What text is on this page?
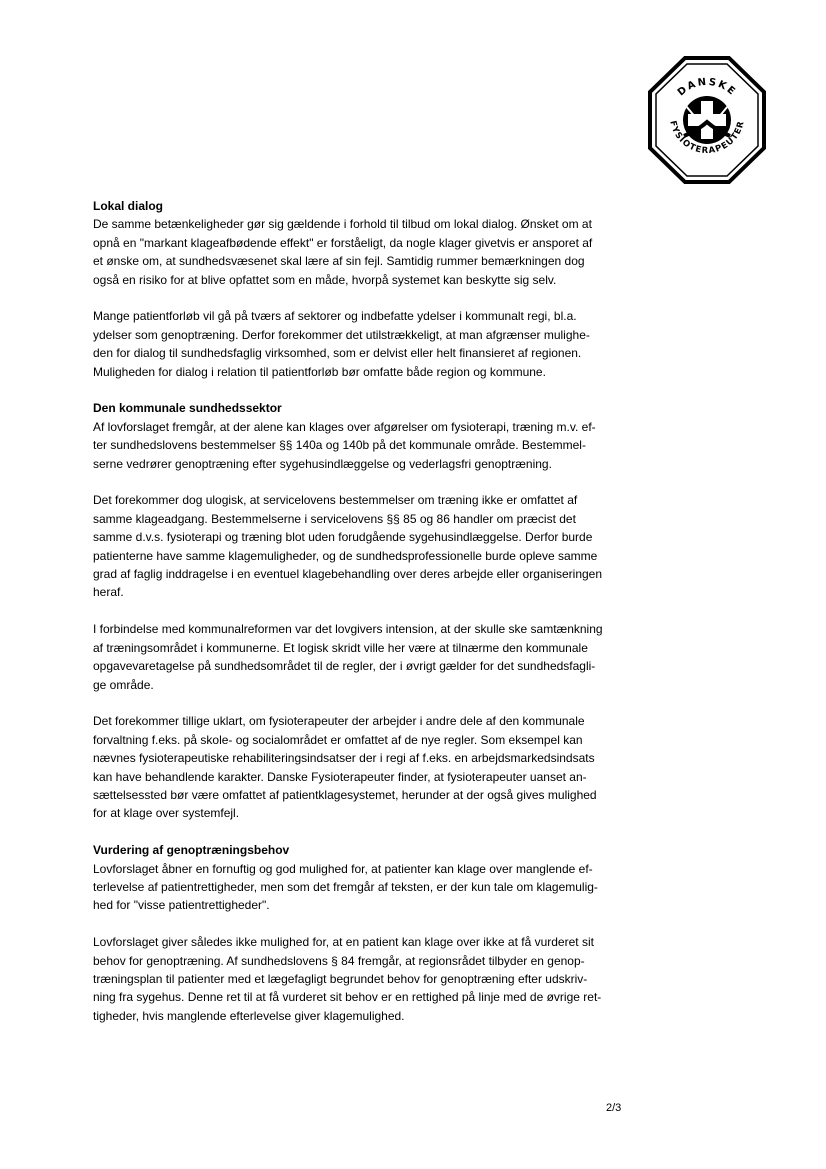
DANSKE
FYSIOTERAPEUTER
Lokal dialog

De samme betænkeligheder gør sig gældende i forhold til tilbud om lokal dialog. Ønsket om at
opnå en "markant klageafbødende effekt" er forståeligt, da nogle klager givetvis er ansporet af
et ønske om, at sundhedsvæsenet skal lære af sin fejl. Samtidig rummer bemærkningen dog
også en risiko for at blive opfattet som en måde, hvorpå systemet kan beskytte sig selv.

Mange patientforløb vil gå på tværs af sektorer og indbefatte ydelser i kommunalt regi, bl.a.
ydelser som genoptræning. Derfor forekommer det utilstrækkeligt, at man afgrænser mulighe-
den for dialog til sundhedsfaglig virksomhed, som er delvist eller helt finansieret af regionen.
Muligheden for dialog i relation til patientforløb bør omfatte både region og kommune.

Den kommunale sundhedssektor

Af lovforslaget fremgår, at der alene kan klages over afgørelser om fysioterapi, træning m.v. ef-
ter sundhedslovens bestemmelser §§ 140a og 140b på det kommunale område. Bestemmel-
serne vedrører genoptræning efter sygehusindlæggelse og vederlagsfri genoptræning.

Det forekommer dog ulogisk, at servicelovens bestemmelser om træning ikke er omfattet af
samme klageadgang. Bestemmelserne i servicelovens §§ 85 og 86 handler om præcist det
samme d.v.s. fysioterapi og træning blot uden forudgående sygehusindlæggelse. Derfor burde
patienterne have samme klagemuligheder, og de sundhedsprofessionelle burde opleve samme
grad af faglig inddragelse i en eventuel klagebehandling over deres arbejde eller organiseringen
heraf.

I forbindelse med kommunalreformen var det lovgivers intension, at der skulle ske samtænkning
af træningsområdet i kommunerne. Et logisk skridt ville her være at tilnærme den kommunale
opgavevaretagelse på sundhedsområdet til de regler, der i øvrigt gælder for det sundhedsfagli-
ge område.

Det forekommer tillige uklart, om fysioterapeuter der arbejder i andre dele af den kommunale
forvaltning f.eks. på skole- og socialområdet er omfattet af de nye regler. Som eksempel kan
nævnes fysioterapeutiske rehabiliteringsindsatser der i regi af f.eks. en arbejdsmarkedsindsats
kan have behandlende karakter. Danske Fysioterapeuter finder, at fysioterapeuter uanset an-
sættelsessted bør være omfattet af patientklagesystemet, herunder at der også gives mulighed
for at klage over systemfejl.

Vurdering af genoptræningsbehov

Lovforslaget åbner en fornuftig og god mulighed for, at patienter kan klage over manglende ef-
terlevelse af patientrettigheder, men som det fremgår af teksten, er der kun tale om klagemulig-
hed for "visse patientrettigheder".

Lovforslaget giver således ikke mulighed for, at en patient kan klage over ikke at få vurderet sit
behov for genoptræning. Af sundhedslovens § 84 fremgår, at regionsrådet tilbyder en genop-
træningsplan til patienter med et lægefagligt begrundet behov for genoptræning efter udskriv-
ning fra sygehus. Denne ret til at få vurderet sit behov er en rettighed på linje med de øvrige ret-
tigheder, hvis manglende efterlevelse giver klagemulighed.

2/3
